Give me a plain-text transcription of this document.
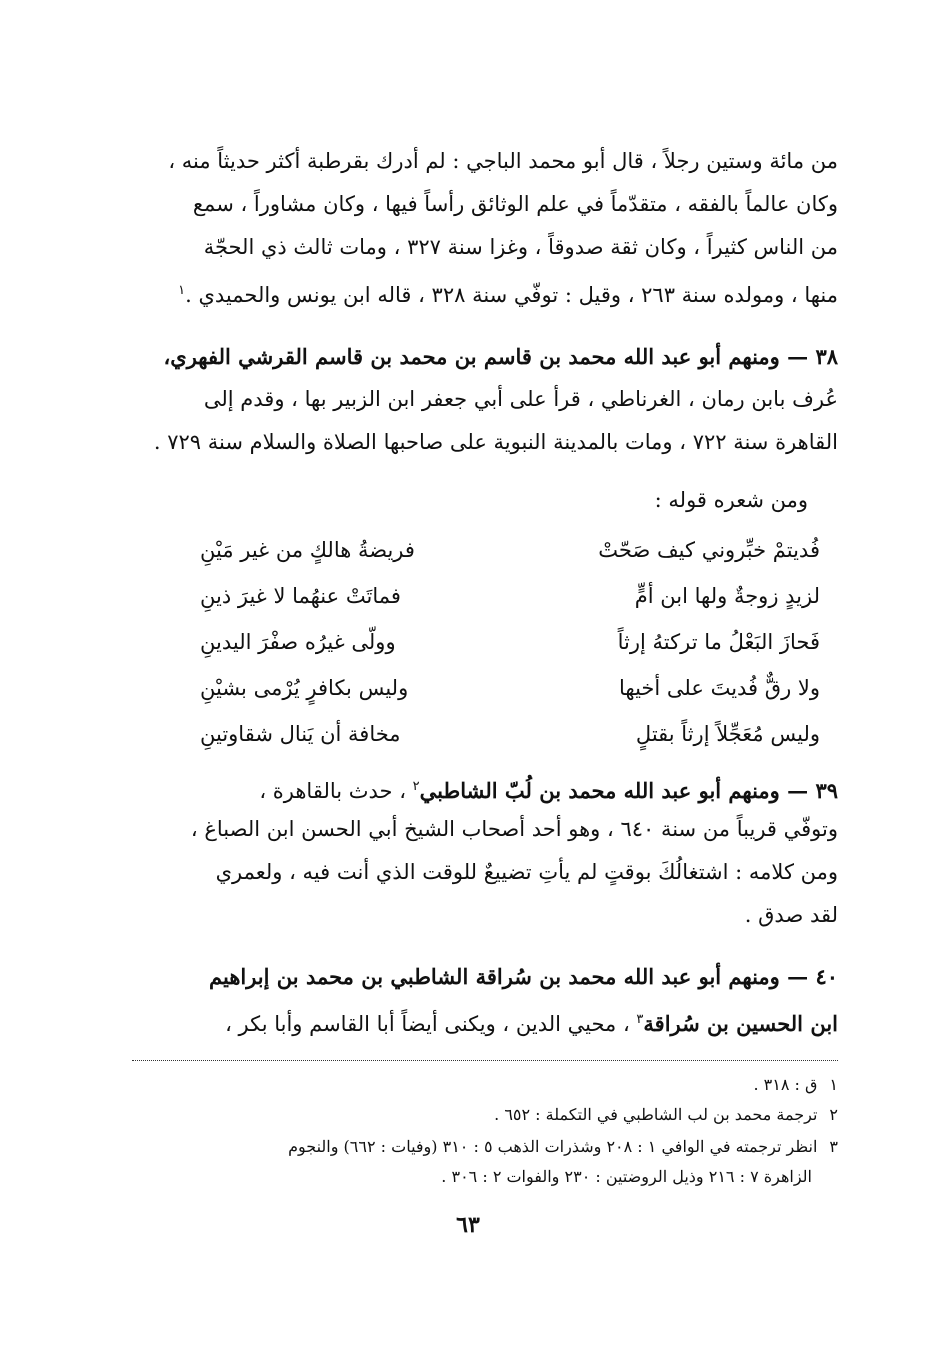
من مائة وستين رجلاً ، قال أبو محمد الباجي : لم أدرك بقرطبة أكثر حديثاً منه ،
وكان عالماً بالفقه ، متقدّماً في علم الوثائق رأساً فيها ، وكان مشاوراً ، سمع
من الناس كثيراً ، وكان ثقة صدوقاً ، وغزا سنة ٣٢٧ ، ومات ثالث ذي الحجّة
منها ، ومولده سنة ٢٦٣ ، وقيل : توفّي سنة ٣٢٨ ، قاله ابن يونس والحميدي .$^١$
٣٨ — ومنهم أبو عبد الله محمد بن قاسم بن محمد بن قاسم القرشي الفهري،
عُرف بابن رمان ، الغرناطي ، قرأ على أبي جعفر ابن الزبير بها ، وقدم إلى
القاهرة سنة ٧٢٢ ، ومات بالمدينة النبوية على صاحبها الصلاة والسلام سنة ٧٢٩ .
ومن شعره قوله :
فُديتمْ خبِّروني كيف صَحّتْ
فريضةُ هالكٍ من غير مَيْنِ
لزيدٍ زوجةٌ ولها ابن أمٍّ
فماتَتْ عنهُما لا غيرَ ذينِ
فَحازَ البَعْلُ ما تركتهُ إرثاً
وولّى غيرُه صفْرَ اليدينِ
ولا رقٌّ فُديتَ على أخيها
وليس بكافرٍ يُرْمى بشيْنِ
وليس مُعَجِّلاً إرثاً بقتلٍ
مخافة أن يَنال شقاوتينِ
٣٩ — ومنهم أبو عبد الله محمد بن لُبّ الشاطبي$^٢$ ، حدث بالقاهرة ،
وتوفّي قريباً من سنة ٦٤٠ ، وهو أحد أصحاب الشيخ أبي الحسن ابن الصباغ ،
ومن كلامه : اشتغالُكَ بوقتٍ لم يأتِ تضييعٌ للوقت الذي أنت فيه ، ولعمري
لقد صدق .
٤٠ — ومنهم أبو عبد الله محمد بن سُراقة الشاطبي بن محمد بن إبراهيم
ابن الحسين بن سُراقة$^٣$ ، محيي الدين ، ويكنى أيضاً أبا القاسم وأبا بكر ،
١ق : ٣١٨ .
٢ترجمة محمد بن لب الشاطبي في التكملة : ٦٥٢ .
٣انظر ترجمته في الوافي ١ : ٢٠٨ وشذرات الذهب ٥ : ٣١٠ (وفيات : ٦٦٢) والنجوم
الزاهرة ٧ : ٢١٦ وذيل الروضتين : ٢٣٠ والفوات ٢ : ٣٠٦ .
٦٣
